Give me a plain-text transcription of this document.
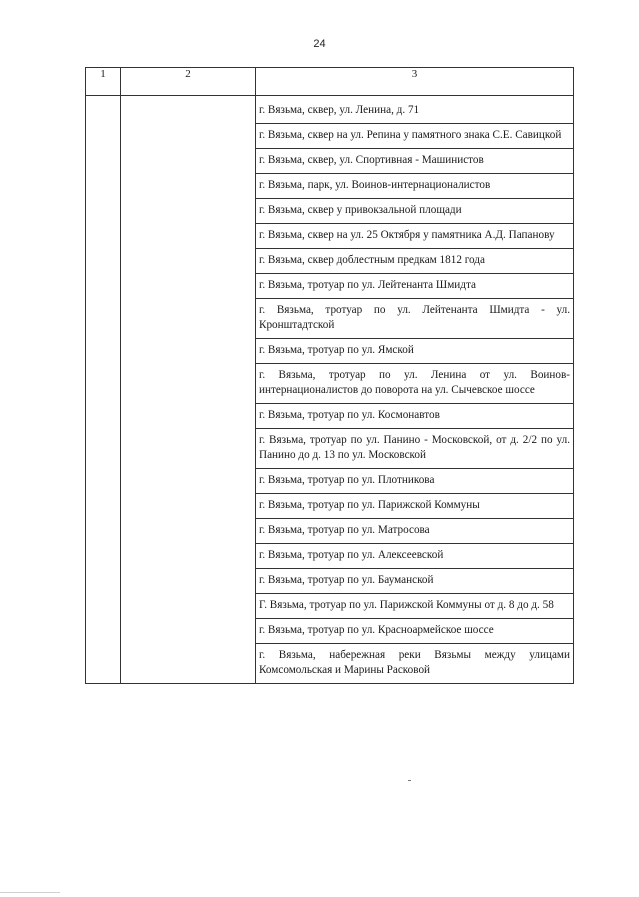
24
1	2	3

		г. Вязьма, сквер, ул. Ленина, д. 71

		г. Вязьма, сквер на ул. Репина у памятного знака С.Е. Савицкой

		г. Вязьма, сквер, ул. Спортивная - Машинистов

		г. Вязьма, парк, ул. Воинов-интернационалистов

		г. Вязьма, сквер у привокзальной площади

		г. Вязьма, сквер на ул. 25 Октября у памятника А.Д. Папанову

		г. Вязьма, сквер доблестным предкам 1812 года

		г. Вязьма, тротуар по ул. Лейтенанта Шмидта

		г. Вязьма, тротуар по ул. Лейтенанта Шмидта - ул. Кронштадтской

		г. Вязьма, тротуар по ул. Ямской

		г. Вязьма, тротуар по ул. Ленина от ул. Воинов-интернационалистов до поворота на ул. Сычевское шоссе

		г. Вязьма, тротуар по ул. Космонавтов

		г. Вязьма, тротуар по ул. Панино - Московской, от д. 2/2 по ул. Панино до д. 13 по ул. Московской

		г. Вязьма, тротуар по ул. Плотникова

		г. Вязьма, тротуар по ул. Парижской Коммуны

		г. Вязьма, тротуар по ул. Матросова

		г. Вязьма, тротуар по ул. Алексеевской

		г. Вязьма, тротуар по ул. Бауманской

		Г. Вязьма, тротуар по ул. Парижской Коммуны от д. 8 до д. 58

		г. Вязьма, тротуар по ул. Красноармейское шоссе

		г. Вязьма, набережная реки Вязьмы между улицами Комсомольская и Марины Расковой
